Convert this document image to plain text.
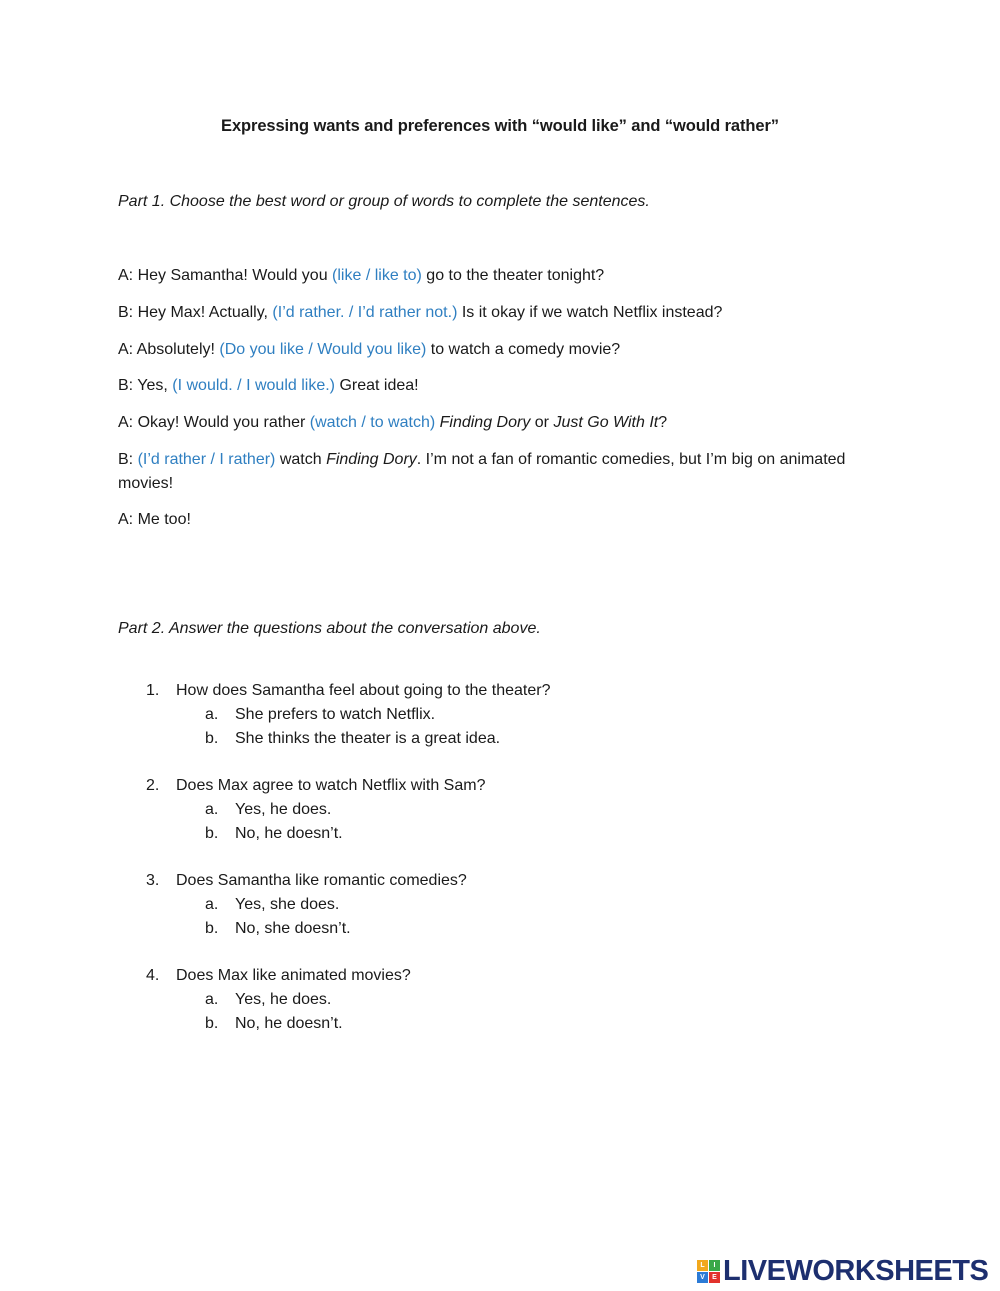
Expressing wants and preferences with “would like” and “would rather”
Part 1. Choose the best word or group of words to complete the sentences.

A: Hey Samantha! Would you (like / like to) go to the theater tonight?

B: Hey Max! Actually, (I’d rather. / I’d rather not.) Is it okay if we watch Netflix instead?

A: Absolutely! (Do you like / Would you like) to watch a comedy movie?

B: Yes, (I would. / I would like.) Great idea!

A: Okay! Would you rather (watch / to watch) Finding Dory or Just Go With It?

B: (I’d rather / I rather) watch Finding Dory. I’m not a fan of romantic comedies, but I’m big on animated movies!

A: Me too!

Part 2. Answer the questions about the conversation above.
1.	How does Samantha feel about going to the theater?
a.	She prefers to watch Netflix.
b.	She thinks the theater is a great idea.
2.	Does Max agree to watch Netflix with Sam?
a.	Yes, he does.
b.	No, he doesn’t.
3.	Does Samantha like romantic comedies?
a.	Yes, she does.
b.	No, she doesn’t.
4.	Does Max like animated movies?
a.	Yes, he does.
b.	No, he doesn’t.
L	I
V	E LIVEWORKSHEETS
